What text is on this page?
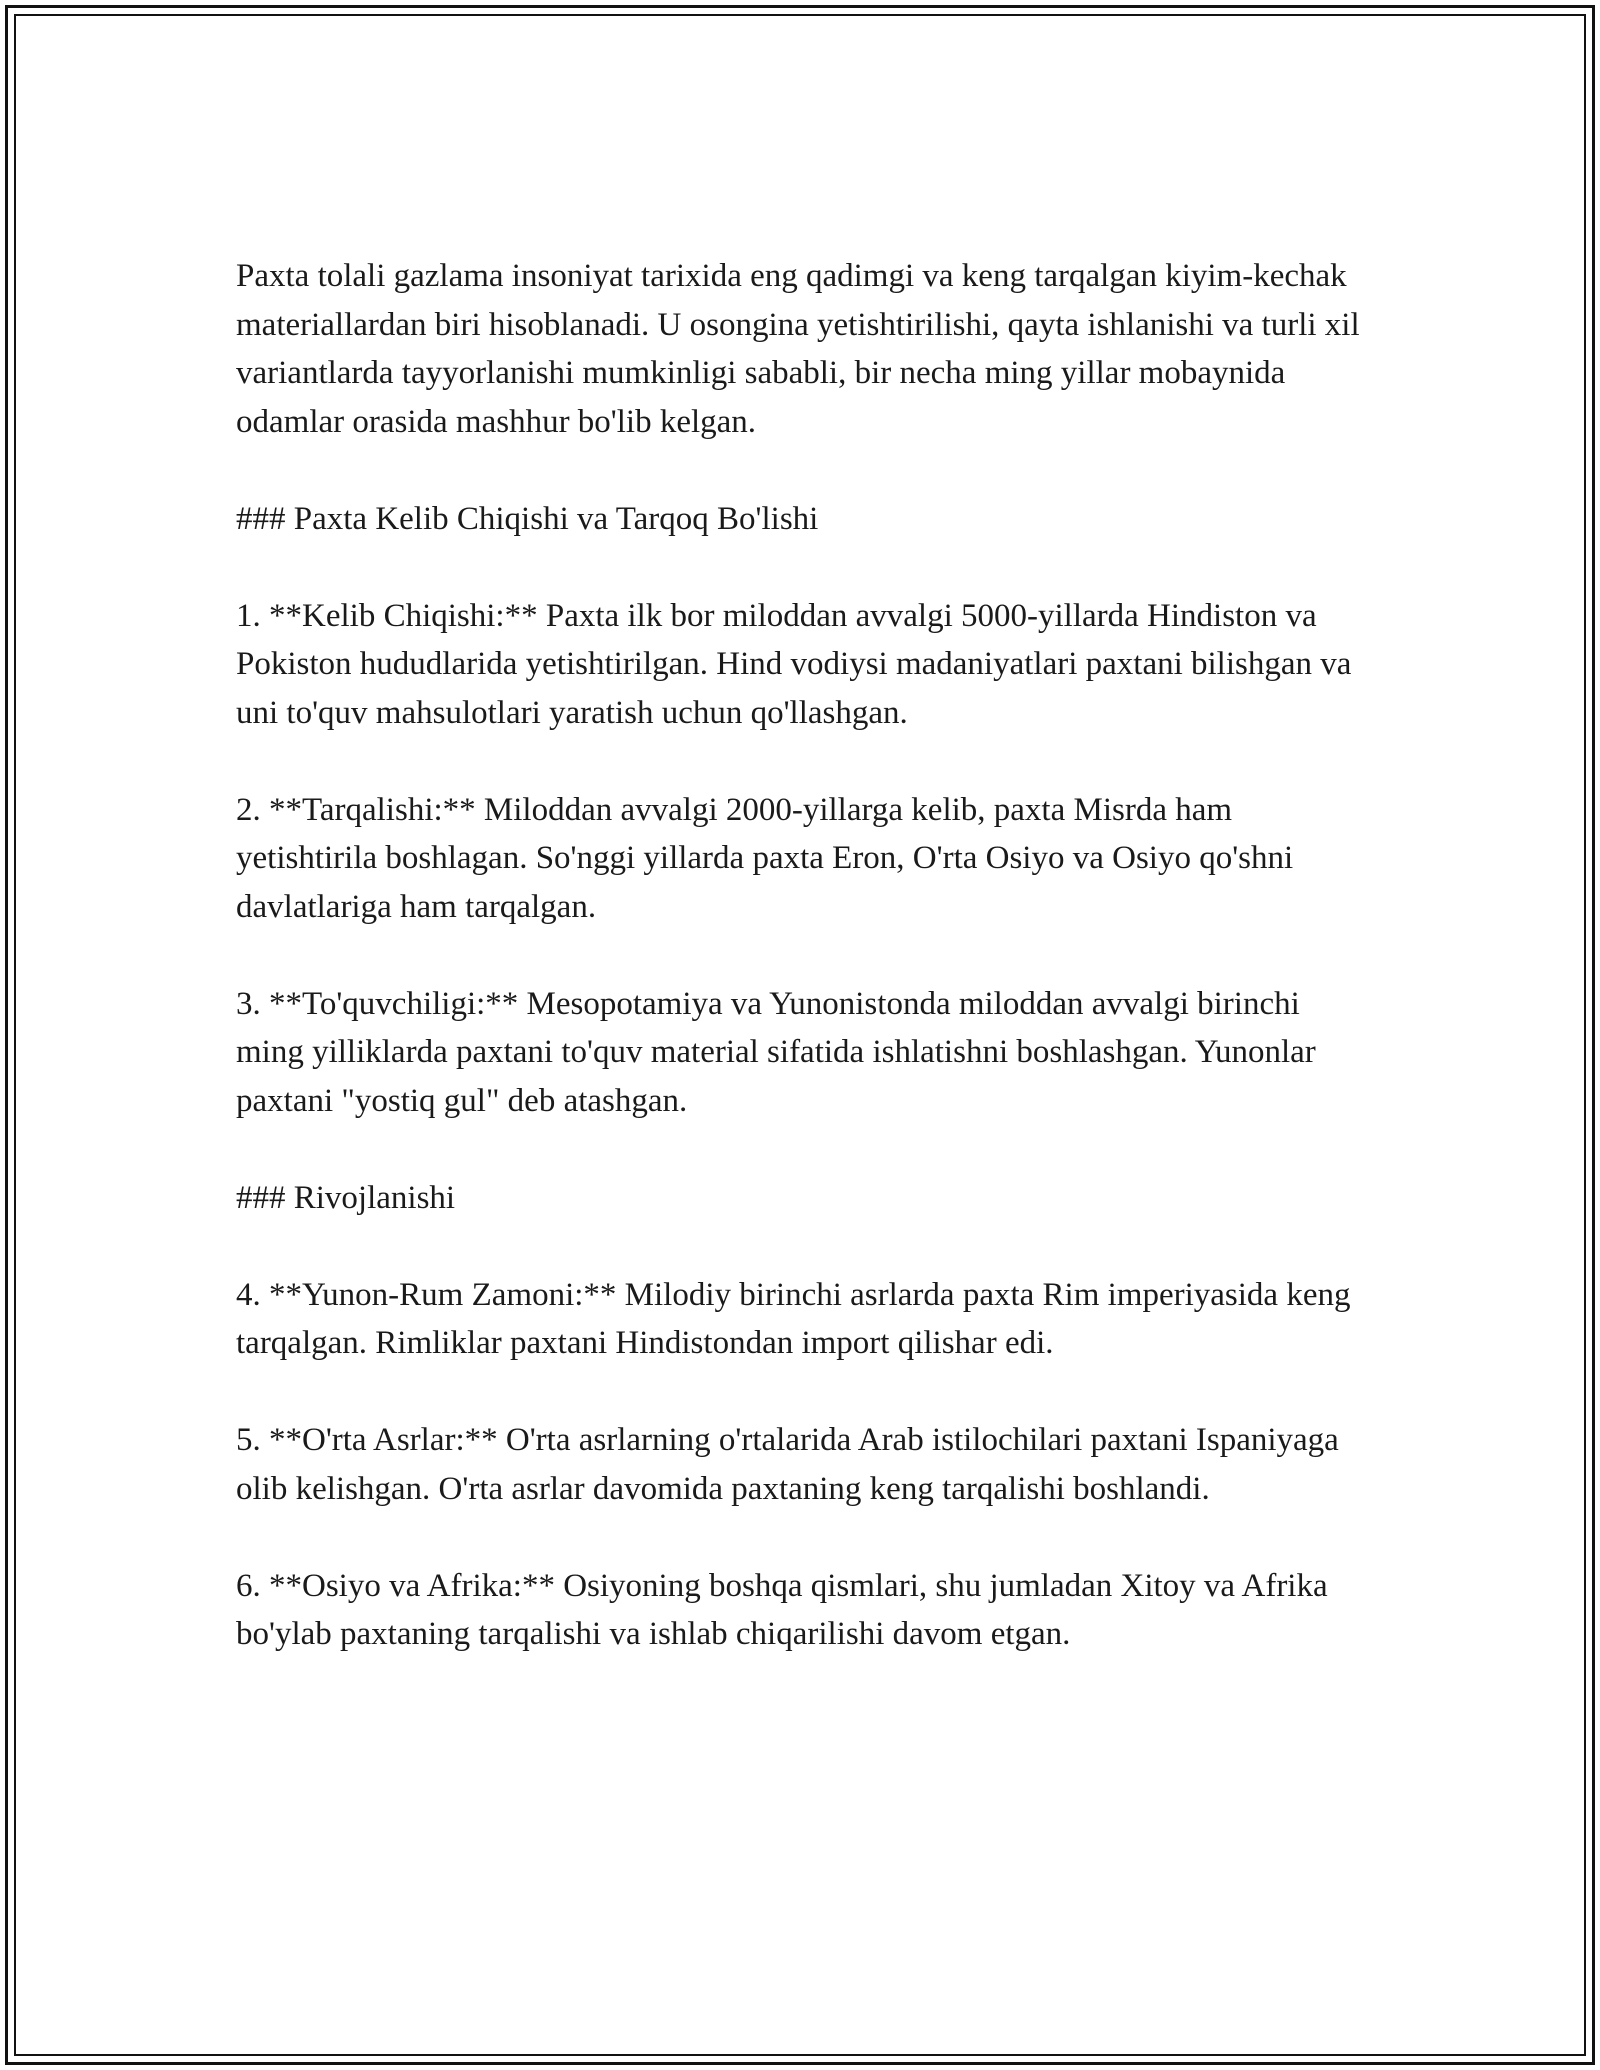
Paxta tolali gazlama insoniyat tarixida eng qadimgi va keng tarqalgan kiyim-kechak materiallardan biri hisoblanadi. U osongina yetishtirilishi, qayta ishlanishi va turli xil variantlarda tayyorlanishi mumkinligi sababli, bir necha ming yillar mobaynida odamlar orasida mashhur bo'lib kelgan.

### Paxta Kelib Chiqishi va Tarqoq Bo'lishi

1. **Kelib Chiqishi:** Paxta ilk bor miloddan avvalgi 5000-yillarda Hindiston va Pokiston hududlarida yetishtirilgan. Hind vodiysi madaniyatlari paxtani bilishgan va uni to'quv mahsulotlari yaratish uchun qo'llashgan.

2. **Tarqalishi:** Miloddan avvalgi 2000-yillarga kelib, paxta Misrda ham yetishtirila boshlagan. So'nggi yillarda paxta Eron, O'rta Osiyo va Osiyo qo'shni davlatlariga ham tarqalgan.

3. **To'quvchiligi:** Mesopotamiya va Yunonistonda miloddan avvalgi birinchi ming yilliklarda paxtani to'quv material sifatida ishlatishni boshlashgan. Yunonlar paxtani "yostiq gul" deb atashgan.

### Rivojlanishi

4. **Yunon-Rum Zamoni:** Milodiy birinchi asrlarda paxta Rim imperiyasida keng tarqalgan. Rimliklar paxtani Hindistondan import qilishar edi.

5. **O'rta Asrlar:** O'rta asrlarning o'rtalarida Arab istilochilari paxtani Ispaniyaga olib kelishgan. O'rta asrlar davomida paxtaning keng tarqalishi boshlandi.

6. **Osiyo va Afrika:** Osiyoning boshqa qismlari, shu jumladan Xitoy va Afrika bo'ylab paxtaning tarqalishi va ishlab chiqarilishi davom etgan.
